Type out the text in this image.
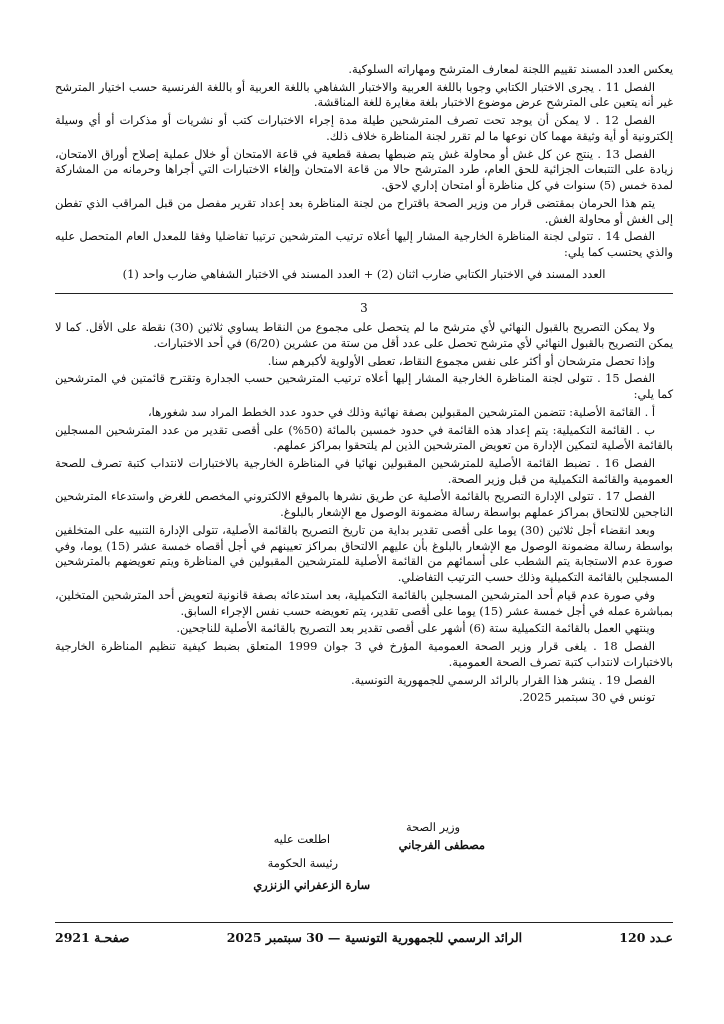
يعكس العدد المسند تقييم اللجنة لمعارف المترشح ومهاراته السلوكية.

الفصل 11 . يجرى الاختبار الكتابي وجوبا باللغة العربية والاختبار الشفاهي باللغة العربية أو باللغة الفرنسية حسب اختيار المترشح غير أنه يتعين على المترشح عرض موضوع الاختبار بلغة مغايرة للغة المناقشة.

الفصل 12 . لا يمكن أن يوجد تحت تصرف المترشحين طيلة مدة إجراء الاختبارات كتب أو نشريات أو مذكرات أو أي وسيلة إلكترونية أو أية وثيقة مهما كان نوعها ما لم تقرر لجنة المناظرة خلاف ذلك.

الفصل 13 . ينتج عن كل غش أو محاولة غش يتم ضبطها بصفة قطعية في قاعة الامتحان أو خلال عملية إصلاح أوراق الامتحان، زيادة على التتبعات الجزائية للحق العام، طرد المترشح حالا من قاعة الامتحان وإلغاء الاختبارات التي أجراها وحرمانه من المشاركة لمدة خمس (5) سنوات في كل مناظرة أو امتحان إداري لاحق.

يتم هذا الحرمان بمقتضى قرار من وزير الصحة باقتراح من لجنة المناظرة بعد إعداد تقرير مفصل من قبل المراقب الذي تفطن إلى الغش أو محاولة الغش.

الفصل 14 . تتولى لجنة المناظرة الخارجية المشار إليها أعلاه ترتيب المترشحين ترتيبا تفاضليا وفقا للمعدل العام المتحصل عليه والذي يحتسب كما يلي:

العدد المسند في الاختبار الكتابي ضارب اثنان (2) + العدد المسند في الاختبار الشفاهي ضارب واحد (1)

3

ولا يمكن التصريح بالقبول النهائي لأي مترشح ما لم يتحصل على مجموع من النقاط يساوي ثلاثين (30) نقطة على الأقل. كما لا يمكن التصريح بالقبول النهائي لأي مترشح تحصل على عدد أقل من ستة من عشرين (6/20) في أحد الاختبارات.

وإذا تحصل مترشحان أو أكثر على نفس مجموع النقاط، تعطى الأولوية لأكبرهم سنا.

الفصل 15 . تتولى لجنة المناظرة الخارجية المشار إليها أعلاه ترتيب المترشحين حسب الجدارة وتقترح قائمتين في المترشحين كما يلي:

أ . القائمة الأصلية: تتضمن المترشحين المقبولين بصفة نهائية وذلك في حدود عدد الخطط المراد سد شغورها،

ب . القائمة التكميلية: يتم إعداد هذه القائمة في حدود خمسين بالمائة (50%) على أقصى تقدير من عدد المترشحين المسجلين بالقائمة الأصلية لتمكين الإدارة من تعويض المترشحين الذين لم يلتحقوا بمراكز عملهم.

الفصل 16 . تضبط القائمة الأصلية للمترشحين المقبولين نهائيا في المناظرة الخارجية بالاختبارات لانتداب كتبة تصرف للصحة العمومية والقائمة التكميلية من قبل وزير الصحة.

الفصل 17 . تتولى الإدارة التصريح بالقائمة الأصلية عن طريق نشرها بالموقع الالكتروني المخصص للغرض واستدعاء المترشحين الناجحين للالتحاق بمراكز عملهم بواسطة رسالة مضمونة الوصول مع الإشعار بالبلوغ.

وبعد انقضاء أجل ثلاثين (30) يوما على أقصى تقدير بداية من تاريخ التصريح بالقائمة الأصلية، تتولى الإدارة التنبيه على المتخلفين بواسطة رسالة مضمونة الوصول مع الإشعار بالبلوغ بأن عليهم الالتحاق بمراكز تعيينهم في أجل أقصاه خمسة عشر (15) يوما، وفي صورة عدم الاستجابة يتم الشطب على أسمائهم من القائمة الأصلية للمترشحين المقبولين في المناظرة ويتم تعويضهم بالمترشحين المسجلين بالقائمة التكميلية وذلك حسب الترتيب التفاضلي.

وفي صورة عدم قيام أحد المترشحين المسجلين بالقائمة التكميلية، بعد استدعائه بصفة قانونية لتعويض أحد المترشحين المتخلين، بمباشرة عمله في أجل خمسة عشر (15) يوما على أقصى تقدير، يتم تعويضه حسب نفس الإجراء السابق.

وينتهي العمل بالقائمة التكميلية ستة (6) أشهر على أقصى تقدير بعد التصريح بالقائمة الأصلية للناجحين.

الفصل 18 . يلغى قرار وزير الصحة العمومية المؤرخ في 3 جوان 1999 المتعلق بضبط كيفية تنظيم المناظرة الخارجية بالاختبارات لانتداب كتبة تصرف الصحة العمومية.

الفصل 19 . ينشر هذا القرار بالرائد الرسمي للجمهورية التونسية.

تونس في 30 سبتمبر 2025.

وزير الصحة
مصطفى الفرجاني
اطلعت عليه
رئيسة الحكومة
سارة الزعفراني الزنزري
عـدد 120
الرائد الرسمي للجمهورية التونسية — 30 سبتمبر 2025
صفحـة 2921
